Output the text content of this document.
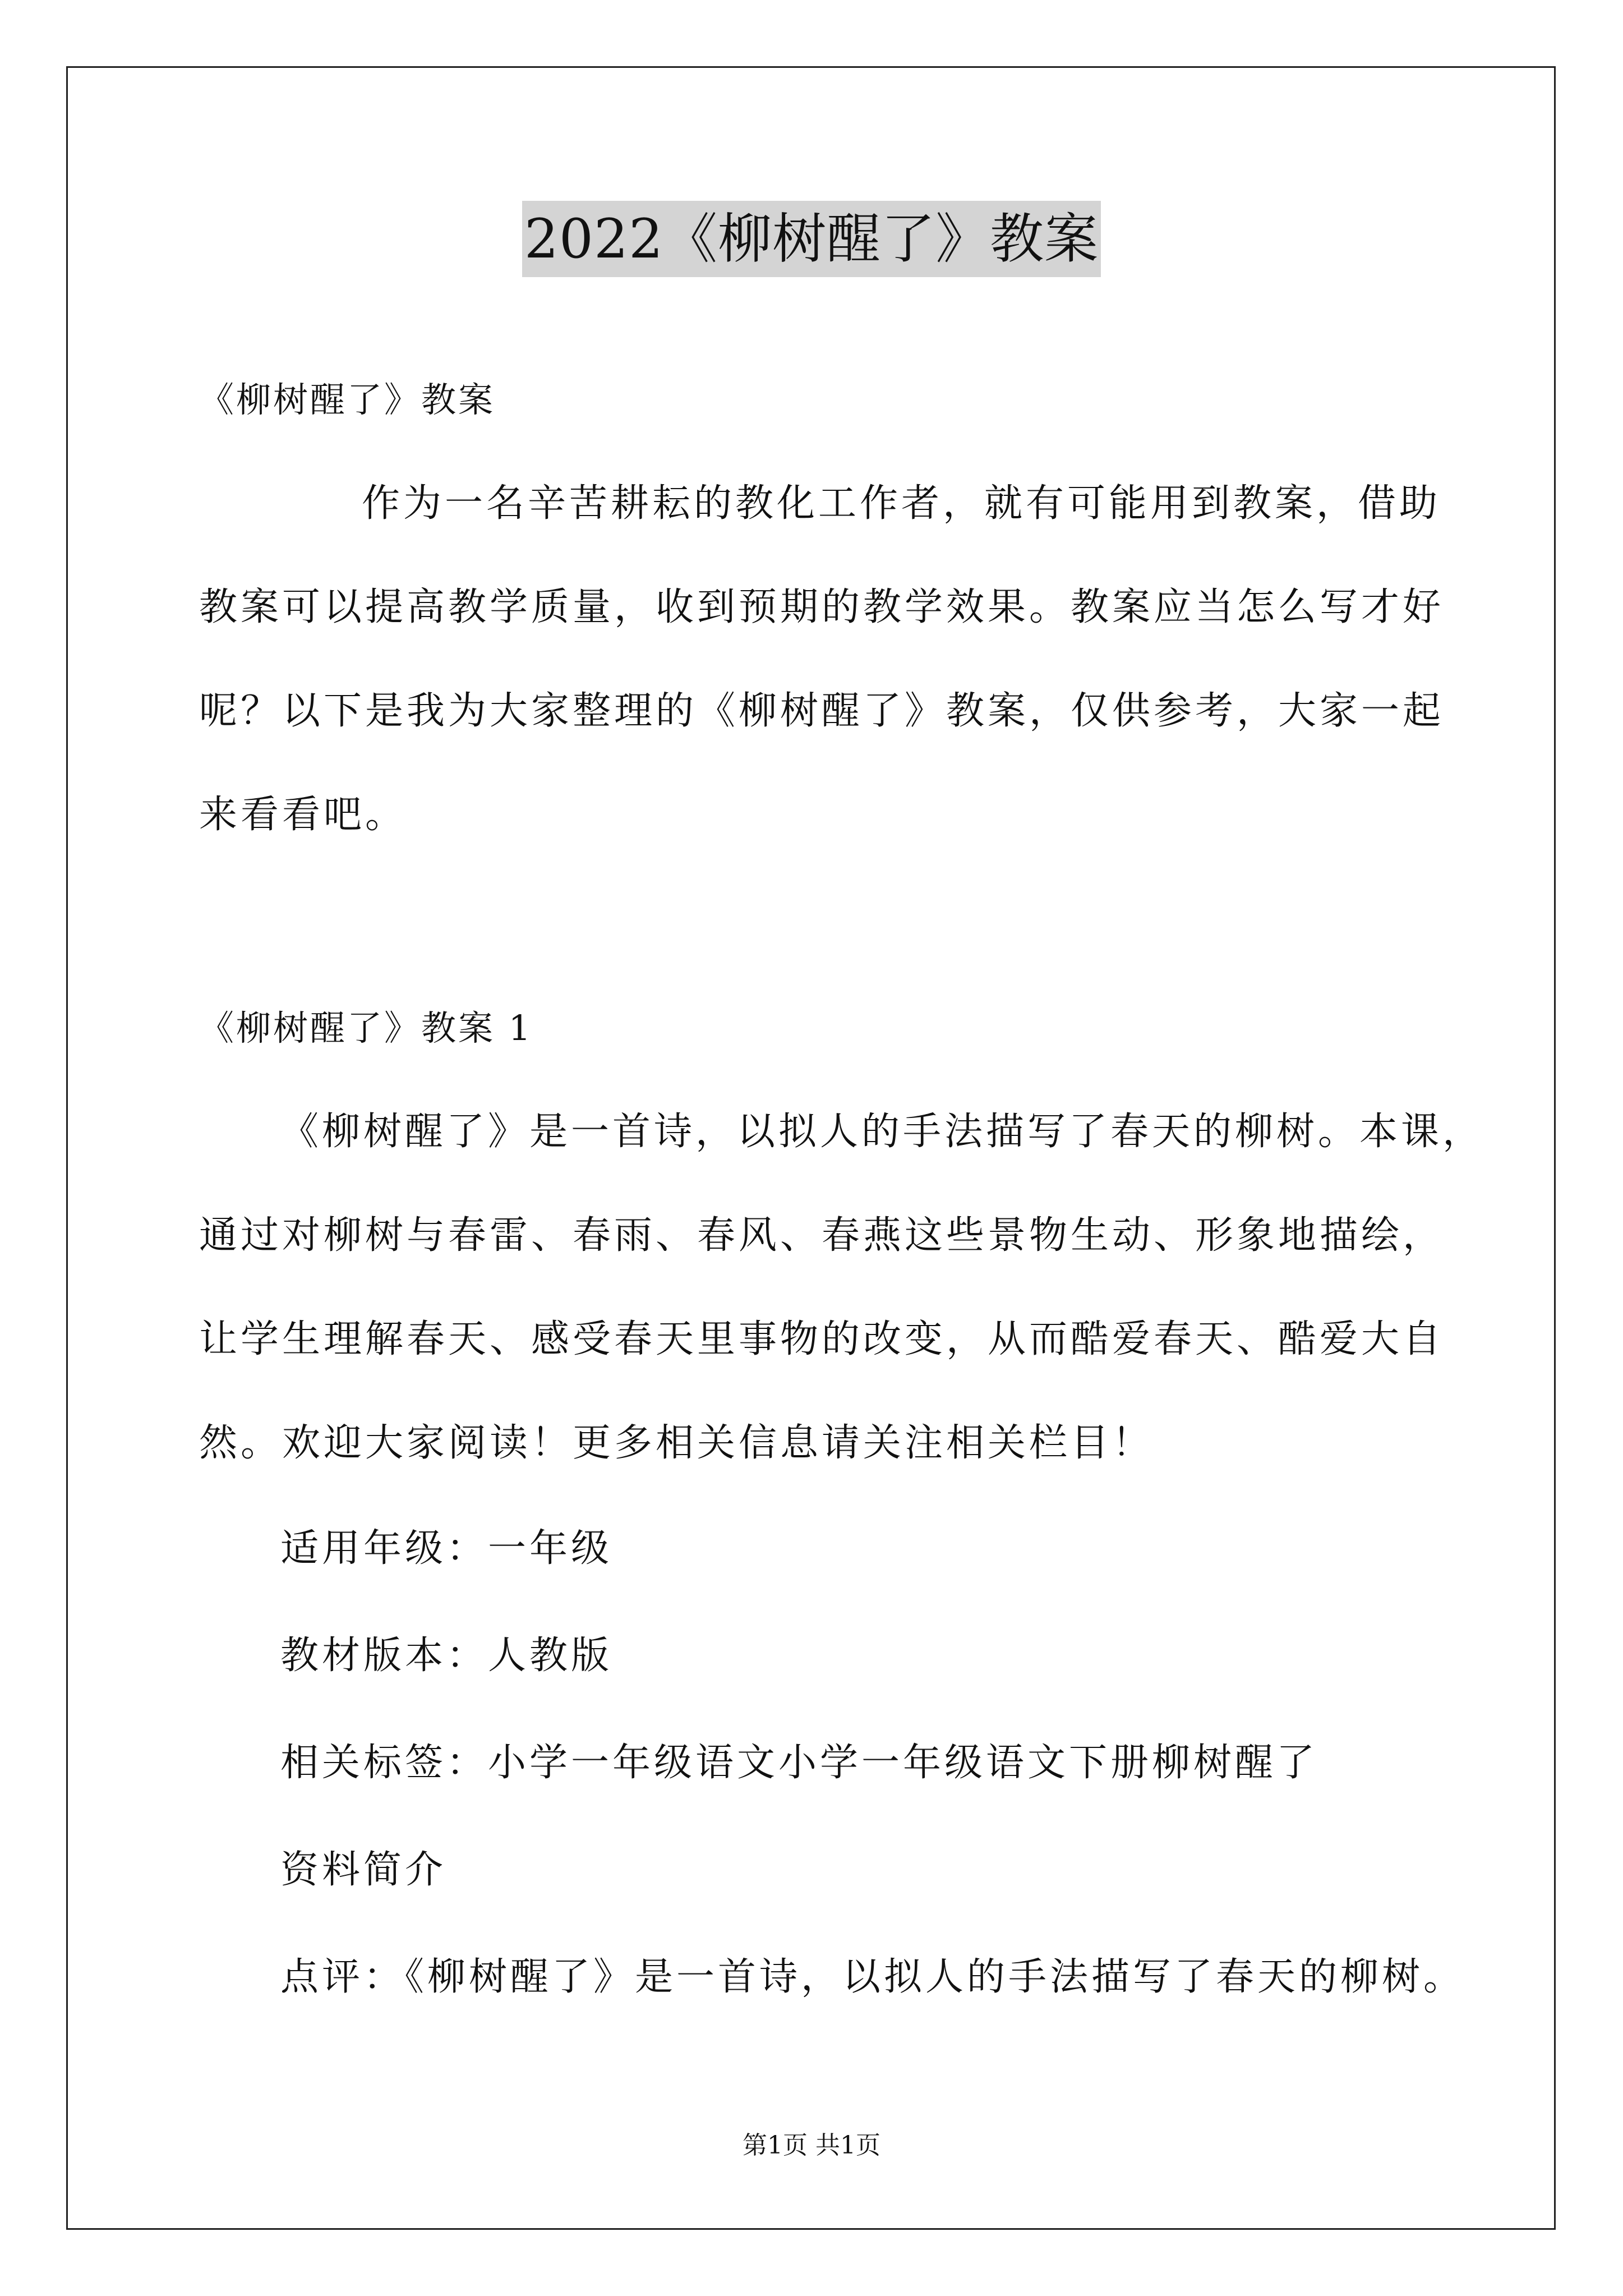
2022《柳树醒了》教案

《柳树醒了》教案

作为一名辛苦耕耘的教化工作者，就有可能用到教案，借助

教案可以提高教学质量，收到预期的教学效果。教案应当怎么写才好

呢？以下是我为大家整理的《柳树醒了》教案，仅供参考，大家一起

来看看吧。

《柳树醒了》教案 1

《柳树醒了》是一首诗，以拟人的手法描写了春天的柳树。本课，

通过对柳树与春雷、春雨、春风、春燕这些景物生动、形象地描绘，

让学生理解春天、感受春天里事物的改变，从而酷爱春天、酷爱大自

然。欢迎大家阅读！更多相关信息请关注相关栏目！

适用年级：一年级

教材版本：人教版

相关标签：小学一年级语文小学一年级语文下册柳树醒了

资料简介

点评：《柳树醒了》是一首诗，以拟人的手法描写了春天的柳树。

第1页 共1页
